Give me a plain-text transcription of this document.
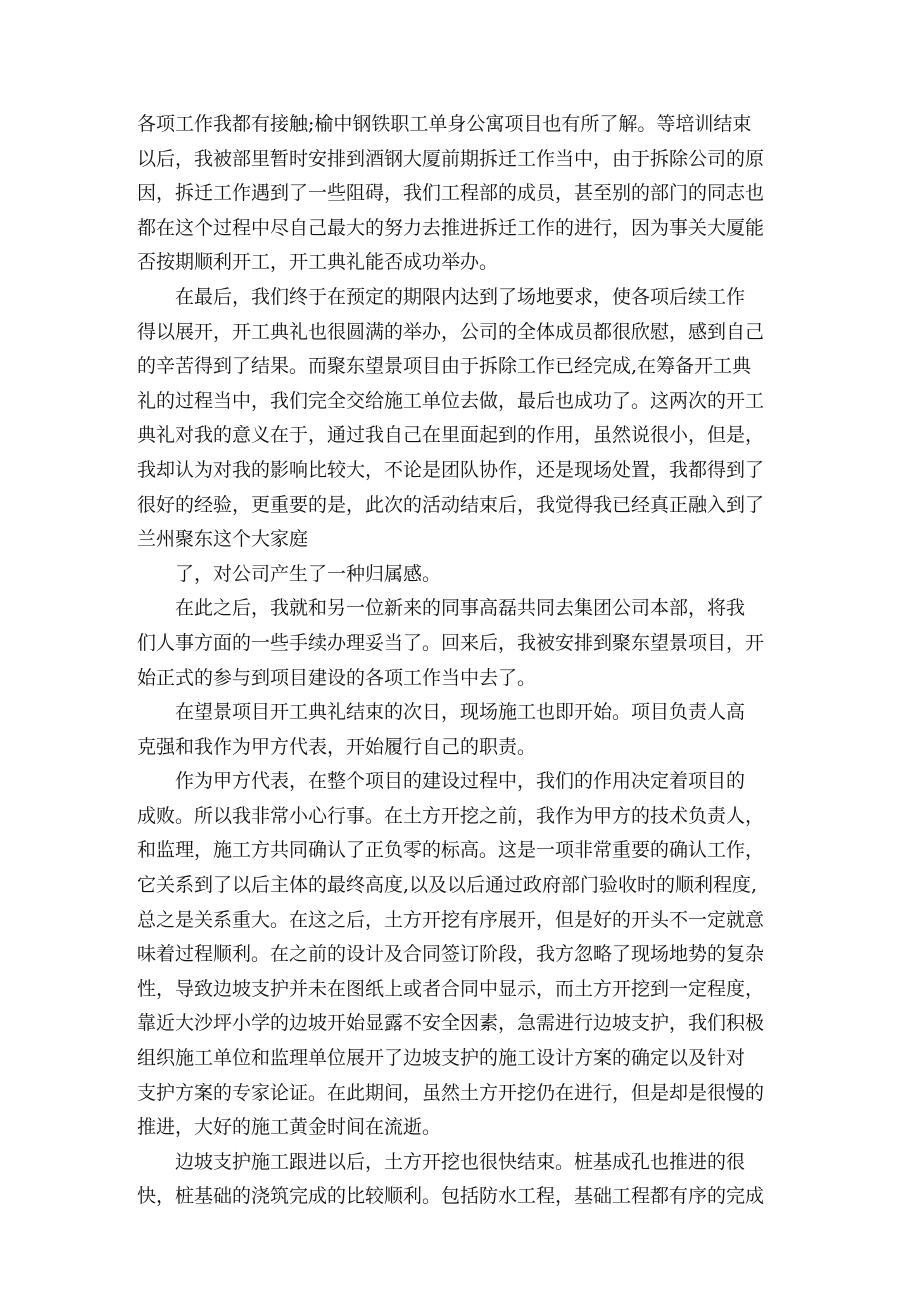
各项工作我都有接触;榆中钢铁职工单身公寓项目也有所了解。等培训结束

以后，我被部里暂时安排到酒钢大厦前期拆迁工作当中，由于拆除公司的原

因，拆迁工作遇到了一些阻碍，我们工程部的成员，甚至别的部门的同志也

都在这个过程中尽自己最大的努力去推进拆迁工作的进行，因为事关大厦能

否按期顺利开工，开工典礼能否成功举办。

　　在最后，我们终于在预定的期限内达到了场地要求，使各项后续工作

得以展开，开工典礼也很圆满的举办，公司的全体成员都很欣慰，感到自己

的辛苦得到了结果。而聚东望景项目由于拆除工作已经完成,在筹备开工典

礼的过程当中，我们完全交给施工单位去做，最后也成功了。这两次的开工

典礼对我的意义在于，通过我自己在里面起到的作用，虽然说很小，但是，

我却认为对我的影响比较大，不论是团队协作，还是现场处置，我都得到了

很好的经验，更重要的是，此次的活动结束后，我觉得我已经真正融入到了

兰州聚东这个大家庭

　　了，对公司产生了一种归属感。

　　在此之后，我就和另一位新来的同事高磊共同去集团公司本部，将我

们人事方面的一些手续办理妥当了。回来后，我被安排到聚东望景项目，开

始正式的参与到项目建设的各项工作当中去了。

　　在望景项目开工典礼结束的次日，现场施工也即开始。项目负责人高

克强和我作为甲方代表，开始履行自己的职责。

　　作为甲方代表，在整个项目的建设过程中，我们的作用决定着项目的

成败。所以我非常小心行事。在土方开挖之前，我作为甲方的技术负责人，

和监理，施工方共同确认了正负零的标高。这是一项非常重要的确认工作，

它关系到了以后主体的最终高度,以及以后通过政府部门验收时的顺利程度,

总之是关系重大。在这之后，土方开挖有序展开，但是好的开头不一定就意

味着过程顺利。在之前的设计及合同签订阶段，我方忽略了现场地势的复杂

性，导致边坡支护并未在图纸上或者合同中显示，而土方开挖到一定程度，

靠近大沙坪小学的边坡开始显露不安全因素，急需进行边坡支护，我们积极

组织施工单位和监理单位展开了边坡支护的施工设计方案的确定以及针对

支护方案的专家论证。在此期间，虽然土方开挖仍在进行，但是却是很慢的

推进，大好的施工黄金时间在流逝。

　　边坡支护施工跟进以后，土方开挖也很快结束。桩基成孔也推进的很

快，桩基础的浇筑完成的比较顺利。包括防水工程，基础工程都有序的完成
